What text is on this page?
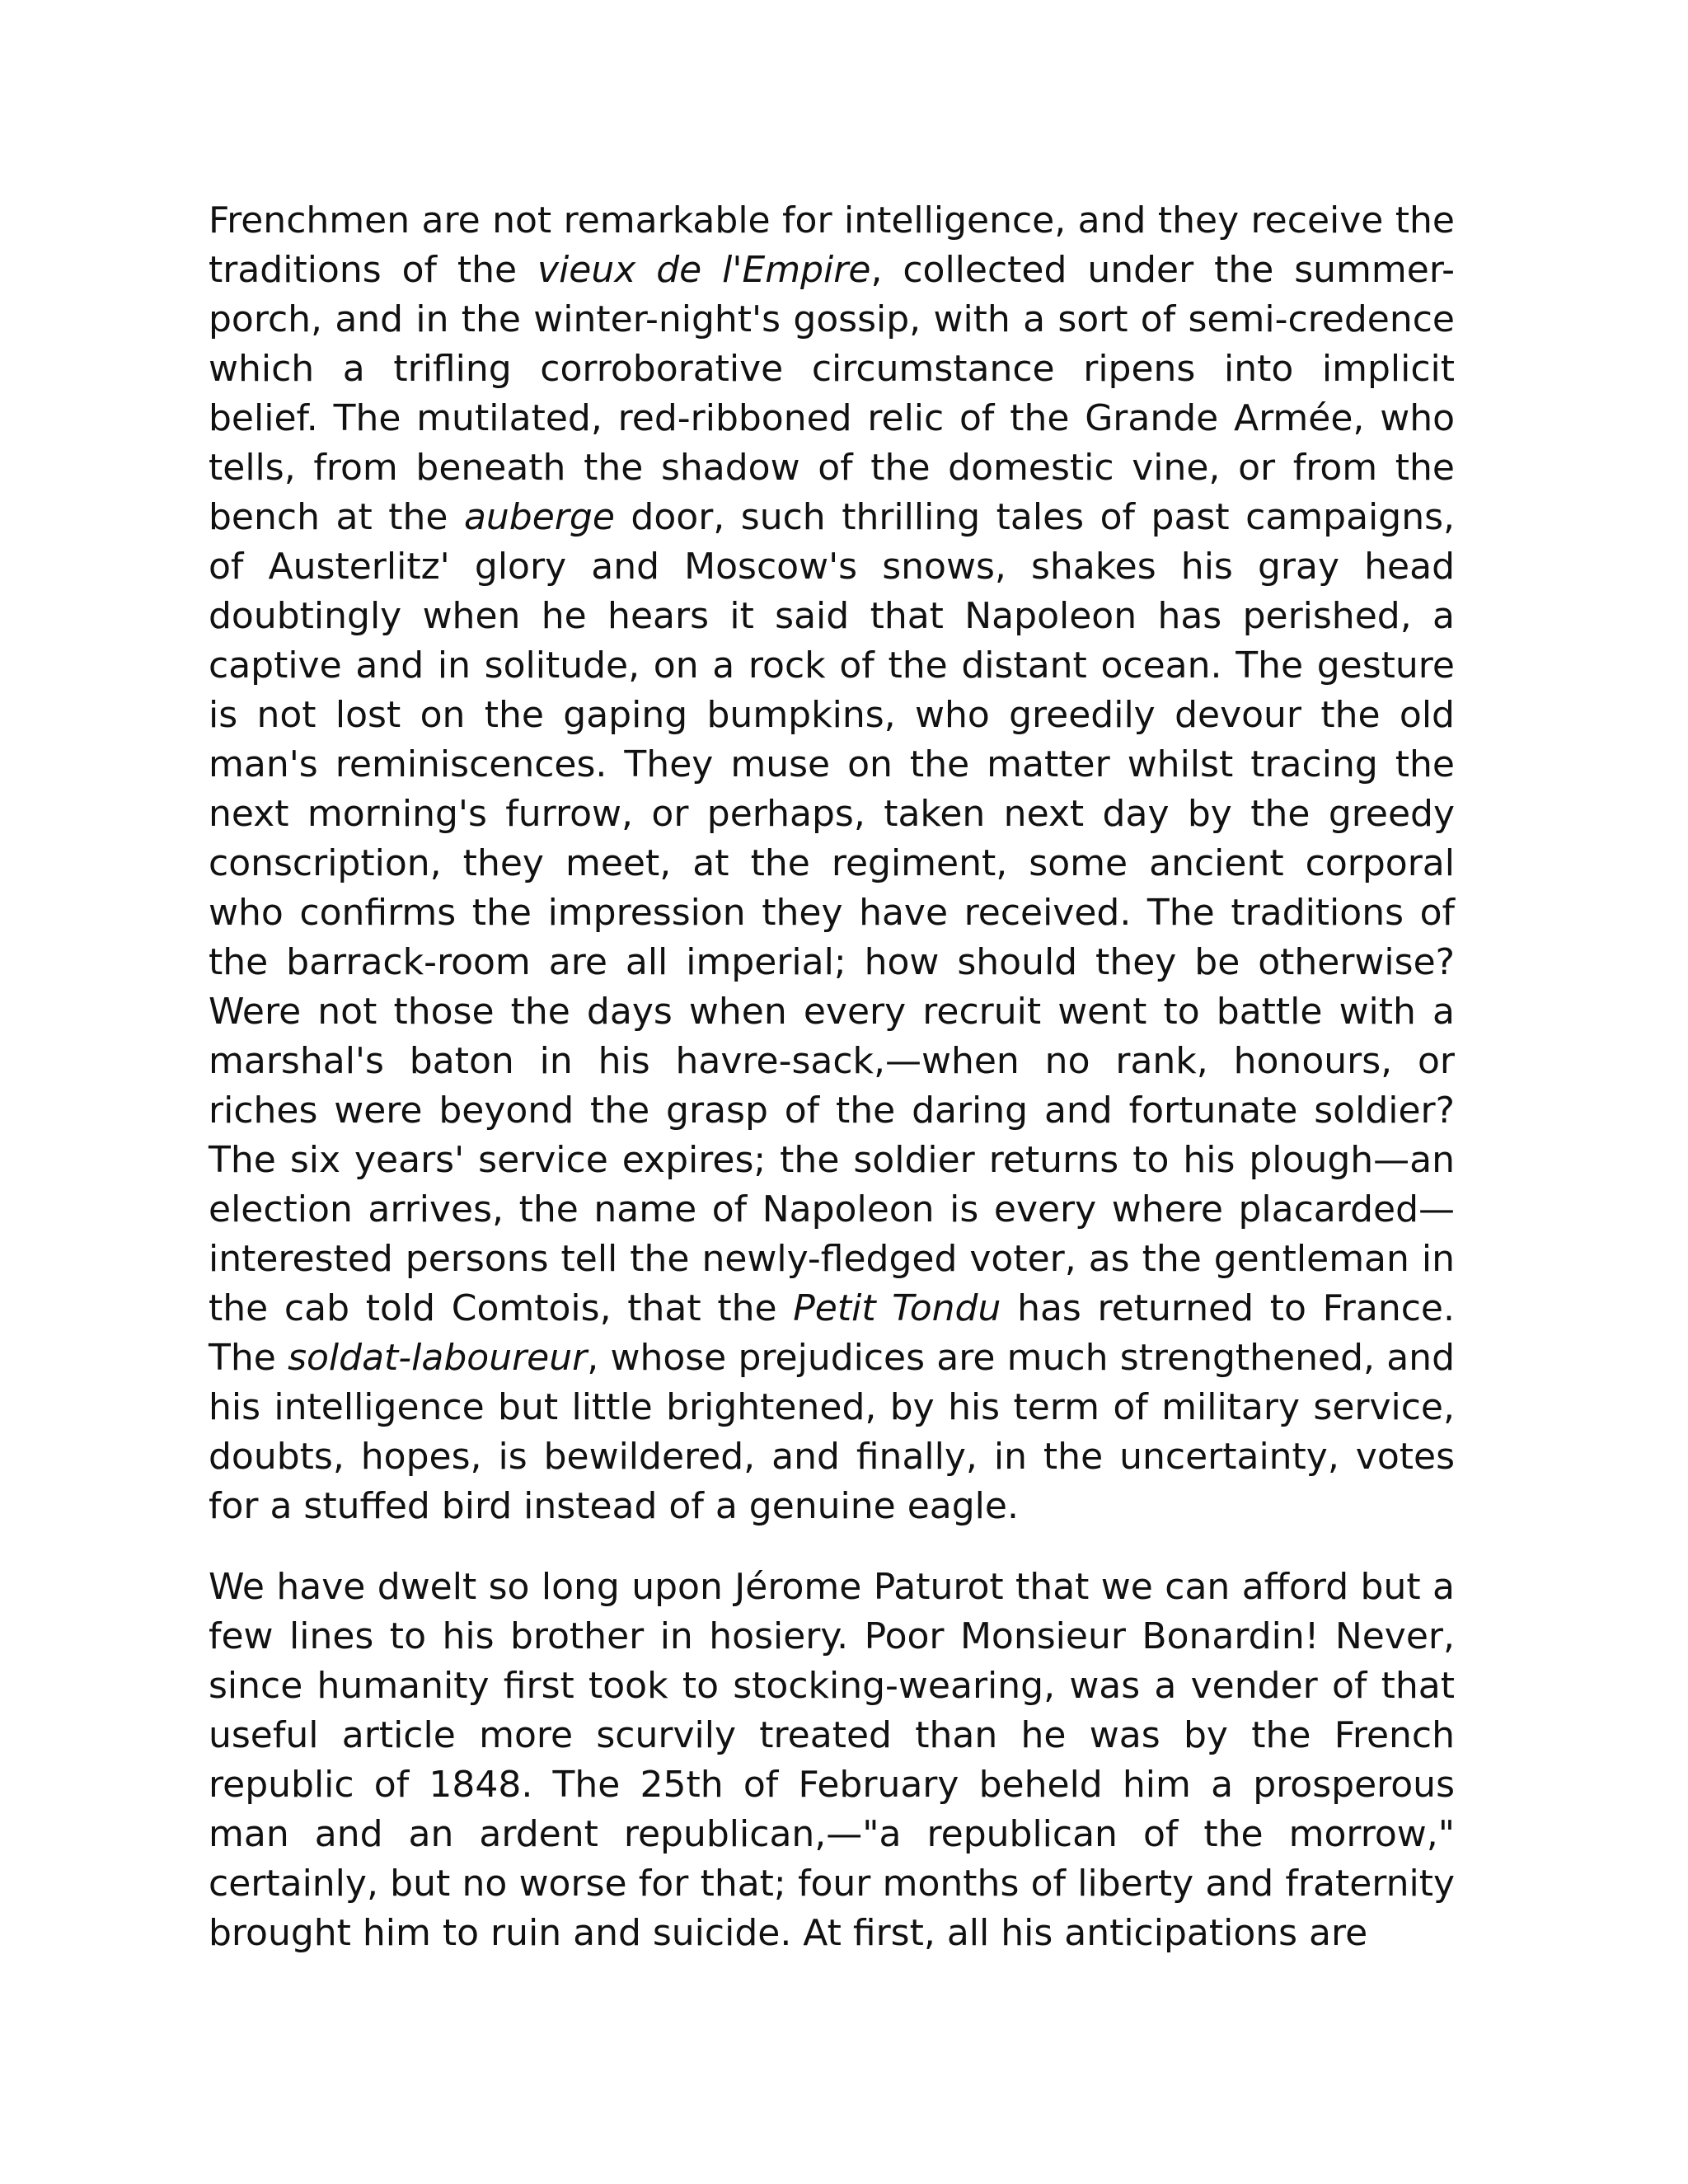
Frenchmen are not remarkable for intelligence, and they receive the traditions of the vieux de l'Empire, collected under the summer-porch, and in the winter-night's gossip, with a sort of semi-credence which a trifling corroborative circumstance ripens into implicit belief. The mutilated, red-ribboned relic of the Grande Armée, who tells, from beneath the shadow of the domestic vine, or from the bench at the auberge door, such thrilling tales of past campaigns, of Austerlitz' glory and Moscow's snows, shakes his gray head doubtingly when he hears it said that Napoleon has perished, a captive and in solitude, on a rock of the distant ocean. The gesture is not lost on the gaping bumpkins, who greedily devour the old man's reminiscences. They muse on the matter whilst tracing the next morning's furrow, or perhaps, taken next day by the greedy conscription, they meet, at the regiment, some ancient corporal who confirms the impression they have received. The traditions of the barrack-room are all imperial; how should they be otherwise? Were not those the days when every recruit went to battle with a marshal's baton in his havre-sack,—when no rank, honours, or riches were beyond the grasp of the daring and fortunate soldier? The six years' service expires; the soldier returns to his plough—an election arrives, the name of Napoleon is every where placarded—interested persons tell the newly-fledged voter, as the gentleman in the cab told Comtois, that the Petit Tondu has returned to France. The soldat-laboureur, whose prejudices are much strengthened, and his intelligence but little brightened, by his term of military service, doubts, hopes, is bewildered, and finally, in the uncertainty, votes for a stuffed bird instead of a genuine eagle.

We have dwelt so long upon Jérome Paturot that we can afford but a few lines to his brother in hosiery. Poor Monsieur Bonardin! Never, since humanity first took to stocking-wearing, was a vender of that useful article more scurvily treated than he was by the French republic of 1848. The 25th of February beheld him a prosperous man and an ardent republican,—"a republican of the morrow," certainly, but no worse for that; four months of liberty and fraternity brought him to ruin and suicide. At first, all his anticipations are
